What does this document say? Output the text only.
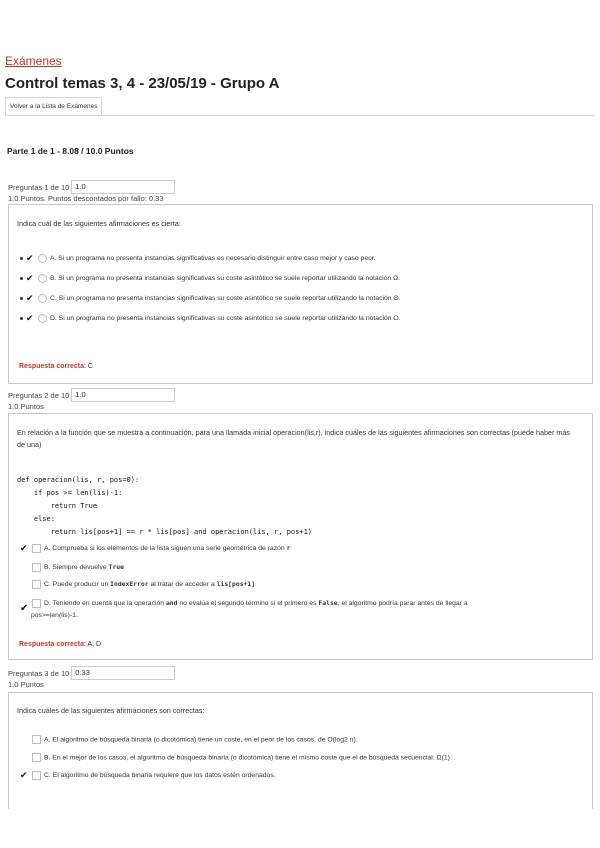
Exámenes
Control temas 3, 4 - 23/05/19 - Grupo A
Volver a la Lista de Exámenes
Parte 1 de 1 - 8.08 / 10.0 Puntos
Preguntas 1 de 10 1.0
1.0 Puntos. Puntos descontados por fallo: 0.33
Indica cuál de las siguientes afirmaciones es cierta:
✔ A. Si un programa no presenta instancias significativas es necesario distinguir entre caso mejor y caso peor.
✔ B. Si un programa no presenta instancias significativas su coste asintótico se suele reportar utilizando la notación Ω.
✔ C. Si un programa no presenta instancias significativas su coste asintótico se suele reportar utilizando la notación Θ.
✔ D. Si un programa no presenta instancias significativas su coste asintótico se suele reportar utilizando la notación O.
Respuesta correcta: C
Preguntas 2 de 10 1.0
1.0 Puntos
En relación a la función que se muestra a continuación, para una llamada inicial operacion(lis,r), indica cuáles de las siguientes afirmaciones son correctas (puede haber más de una)

def operacion(lis, r, pos=0):
if pos >= len(lis)-1:
return True
else:
return lis[pos+1] == r * lis[pos] and operacion(lis, r, pos+1)

✔ A. Comprueba si los elementos de la lista siguen una serie geométrica de razón r
B. Siempre devuelve True
C. Puede producir un IndexError al tratar de acceder a lis[pos+1]
D. Teniendo en cuenta que la operación and no evalúa el segundo término si el primero es False, el algoritmo podría parar antes de llegar a
✔
pos>=len(lis)-1.
Respuesta correcta: A, D
Preguntas 3 de 10 0.33
1.0 Puntos
Indica cuáles de las siguientes afirmaciones son correctas:
A. El algoritmo de búsqueda binaria (o dicotómica) tiene un coste, en el peor de los casos, de O(log2 n).
B. En el mejor de los casos, el algoritmo de búsqueda binaria (o dicotómica) tiene el mismo coste que el de búsqueda secuencial: Ω(1)
✔ C. El algoritmo de búsqueda binaria requiere que los datos estén ordenados.
